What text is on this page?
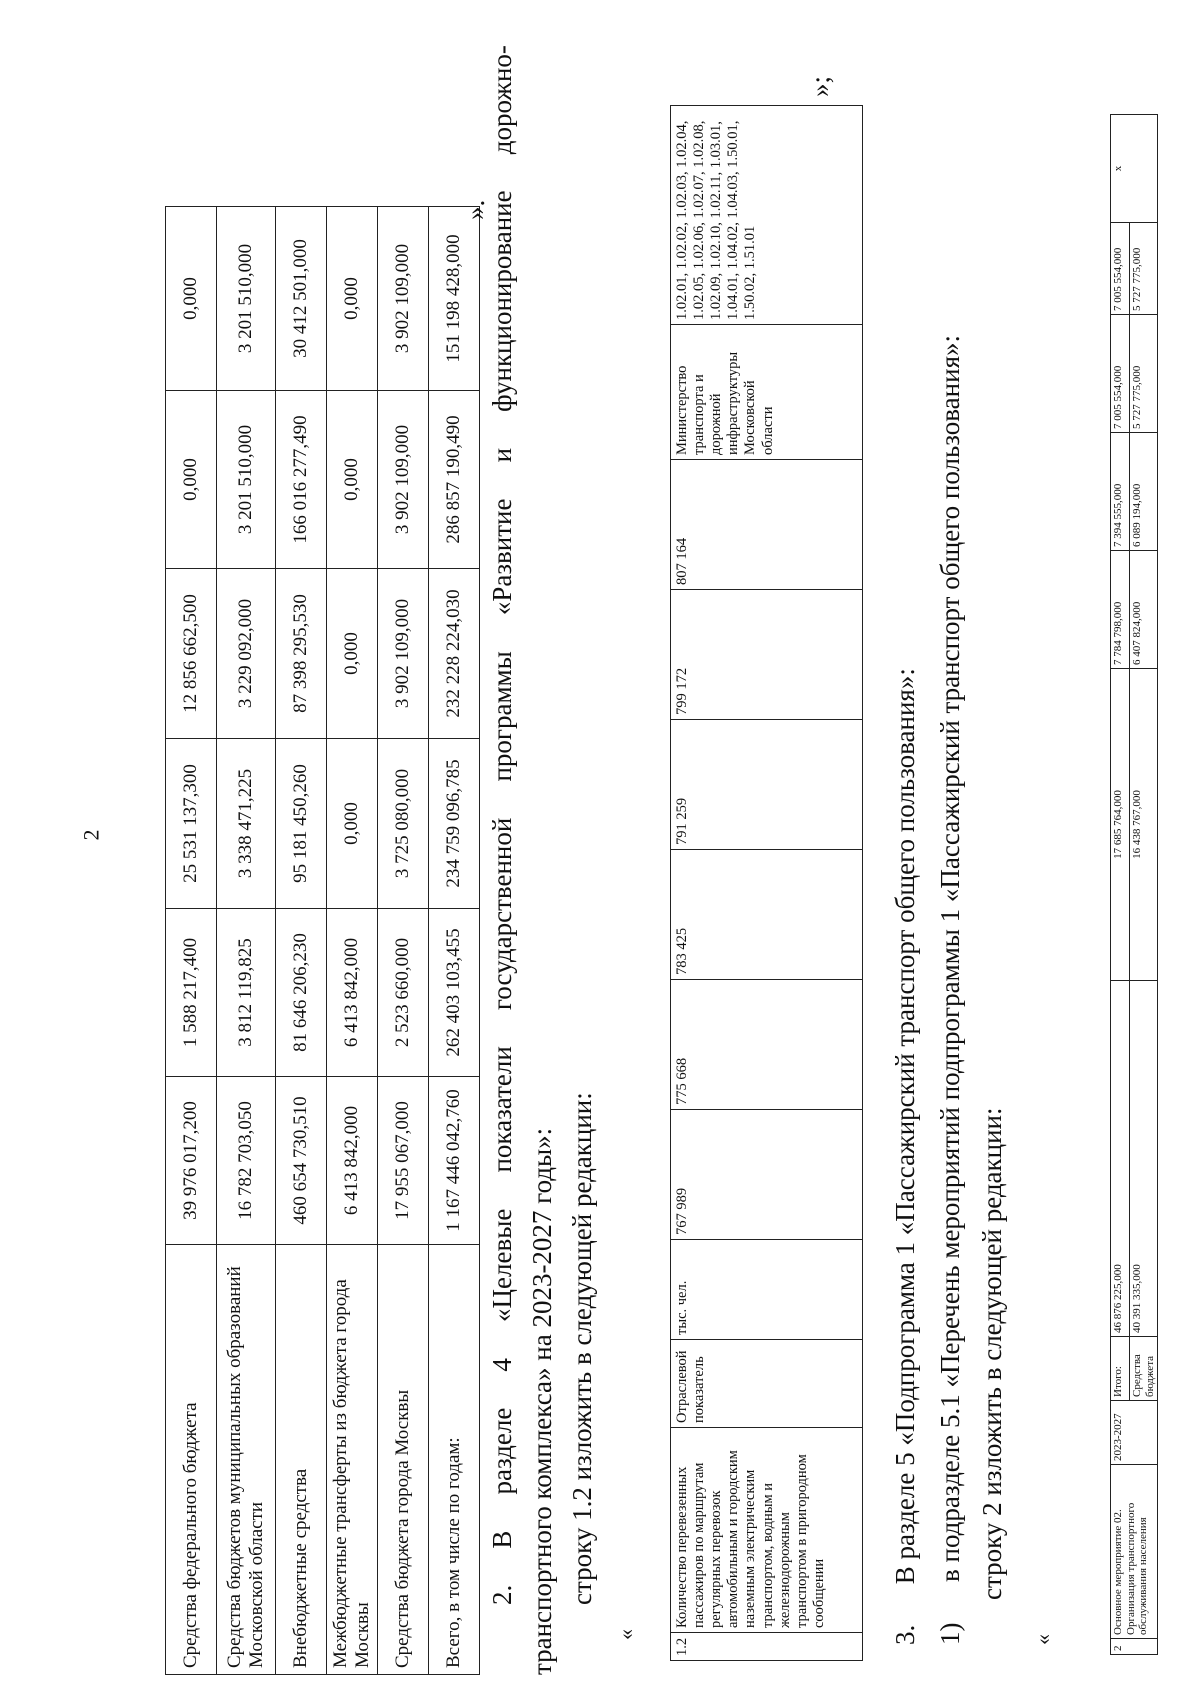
2
Средства федерального бюджета	39 976 017,200	1 588 217,400	25 531 137,300	12 856 662,500	0,000	0,000
Средства бюджетов муниципальных образований Московской области	16 782 703,050	3 812 119,825	3 338 471,225	3 229 092,000	3 201 510,000	3 201 510,000
Внебюджетные средства	460 654 730,510	81 646 206,230	95 181 450,260	87 398 295,530	166 016 277,490	30 412 501,000
Межбюджетные трансферты из бюджета города Москвы	6 413 842,000	6 413 842,000	0,000	0,000	0,000	0,000
Средства бюджета города Москвы	17 955 067,000	2 523 660,000	3 725 080,000	3 902 109,000	3 902 109,000	3 902 109,000
Всего, в том числе по годам:	1 167 446 042,760	262 403 103,455	234 759 096,785	232 228 224,030	286 857 190,490	151 198 428,000
».
2.
В
разделе
4
«Целевые
показатели
государственной
программы
«Развитие
и
функционирование
дорожно-
транспортного комплекса» на 2023-2027 годы»: строку 1.2 изложить в следующей редакции:
«
1.2	Количество перевезенных пассажиров по маршрутам регулярных перевозок автомобильным и городским наземным электрическим транспортом, водным и железнодорожным транспортом в пригородном сообщении	Отраслевой показатель	тыс. чел.	767 989	775 668	783 425	791 259	799 172	807 164	Министерство транспорта и дорожной инфраструктуры Московской области	1.02.01, 1.02.02, 1.02.03, 1.02.04, 1.02.05, 1.02.06, 1.02.07, 1.02.08, 1.02.09, 1.02.10, 1.02.11, 1.03.01, 1.04.01, 1.04.02, 1.04.03, 1.50.01, 1.50.02, 1.51.01
»;
3.      В разделе 5 «Подпрограмма 1 «Пассажирский транспорт общего пользования»:
1)      в подразделе 5.1 «Перечень мероприятий подпрограммы 1 «Пассажирский транспорт общего пользования»: строку 2 изложить в следующей редакции:
«
2	Основное мероприятие 02. Организация транспортного обслуживания населения	2023-2027	Итого:	46 876 225,000	17 685 764,000	7 784 798,000	7 394 555,000	7 005 554,000	7 005 554,000	х
			Средства бюджета	40 391 335,000	16 438 767,000	6 407 824,000	6 089 194,000	5 727 775,000	5 727 775,000	
